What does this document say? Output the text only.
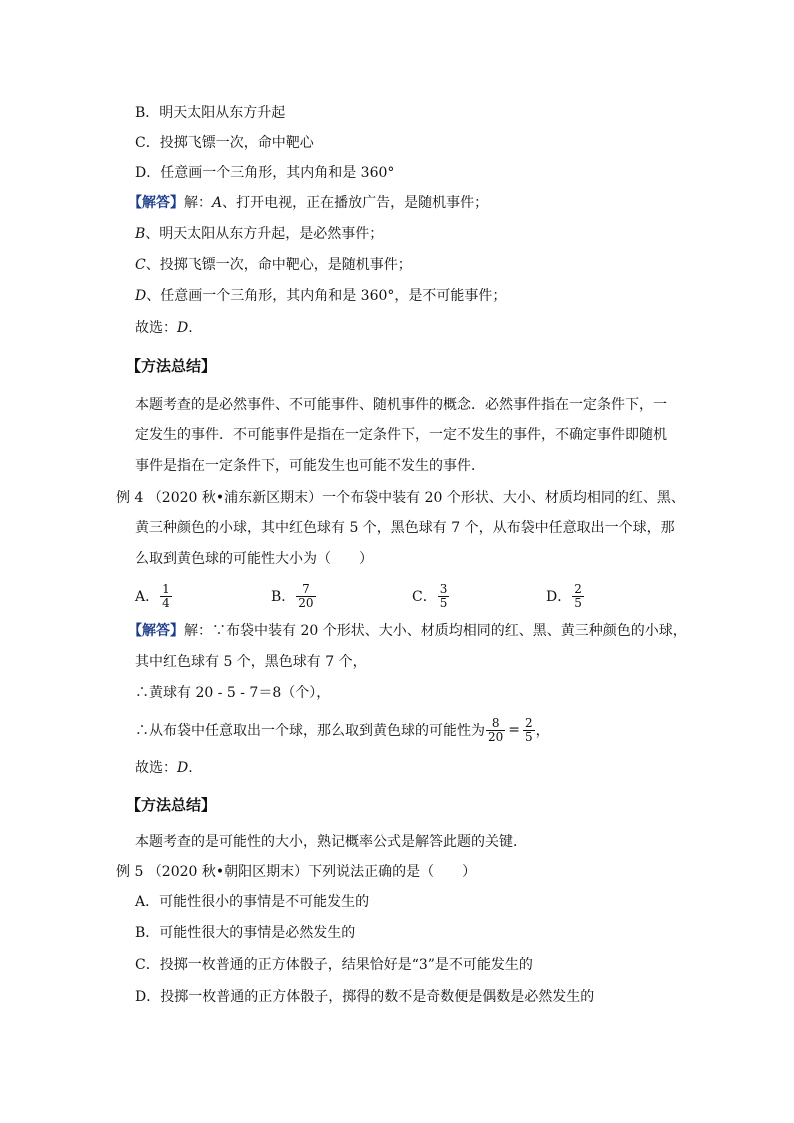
B．明天太阳从东方升起
C．投掷飞镖一次，命中靶心
D．任意画一个三角形，其内角和是 360°
【解答】解：A、打开电视，正在播放广告，是随机事件；
B、明天太阳从东方升起，是必然事件；
C、投掷飞镖一次，命中靶心，是随机事件；
D、任意画一个三角形，其内角和是 360°，是不可能事件；
故选：D.
【方法总结】
本题考查的是必然事件、不可能事件、随机事件的概念．必然事件指在一定条件下，一
定发生的事件．不可能事件是指在一定条件下，一定不发生的事件，不确定事件即随机
事件是指在一定条件下，可能发生也可能不发生的事件．
例 4 （2020 秋•浦东新区期末）一个布袋中装有 20 个形状、大小、材质均相同的红、黑、
黄三种颜色的小球，其中红色球有 5 个，黑色球有 7 个，从布袋中任意取出一个球，那
么取到黄色球的可能性大小为（　　）
A． $\frac{1}{4}$	B． $\frac{7}{20}$	C． $\frac{3}{5}$	D． $\frac{2}{5}$
【解答】解：∵布袋中装有 20 个形状、大小、材质均相同的红、黑、黄三种颜色的小球，
其中红色球有 5 个，黑色球有 7 个，
∴黄球有 20 - 5 - 7＝8（个），
∴从布袋中任意取出一个球，那么取到黄色球的可能性为 $\frac{8}{20} = \frac{2}{5}$ ，
故选：D.
【方法总结】
本题考查的是可能性的大小，熟记概率公式是解答此题的关键．
例 5 （2020 秋•朝阳区期末）下列说法正确的是（　　）
A．可能性很小的事情是不可能发生的
B．可能性很大的事情是必然发生的
C．投掷一枚普通的正方体骰子，结果恰好是“3”是不可能发生的
D．投掷一枚普通的正方体骰子，掷得的数不是奇数便是偶数是必然发生的
